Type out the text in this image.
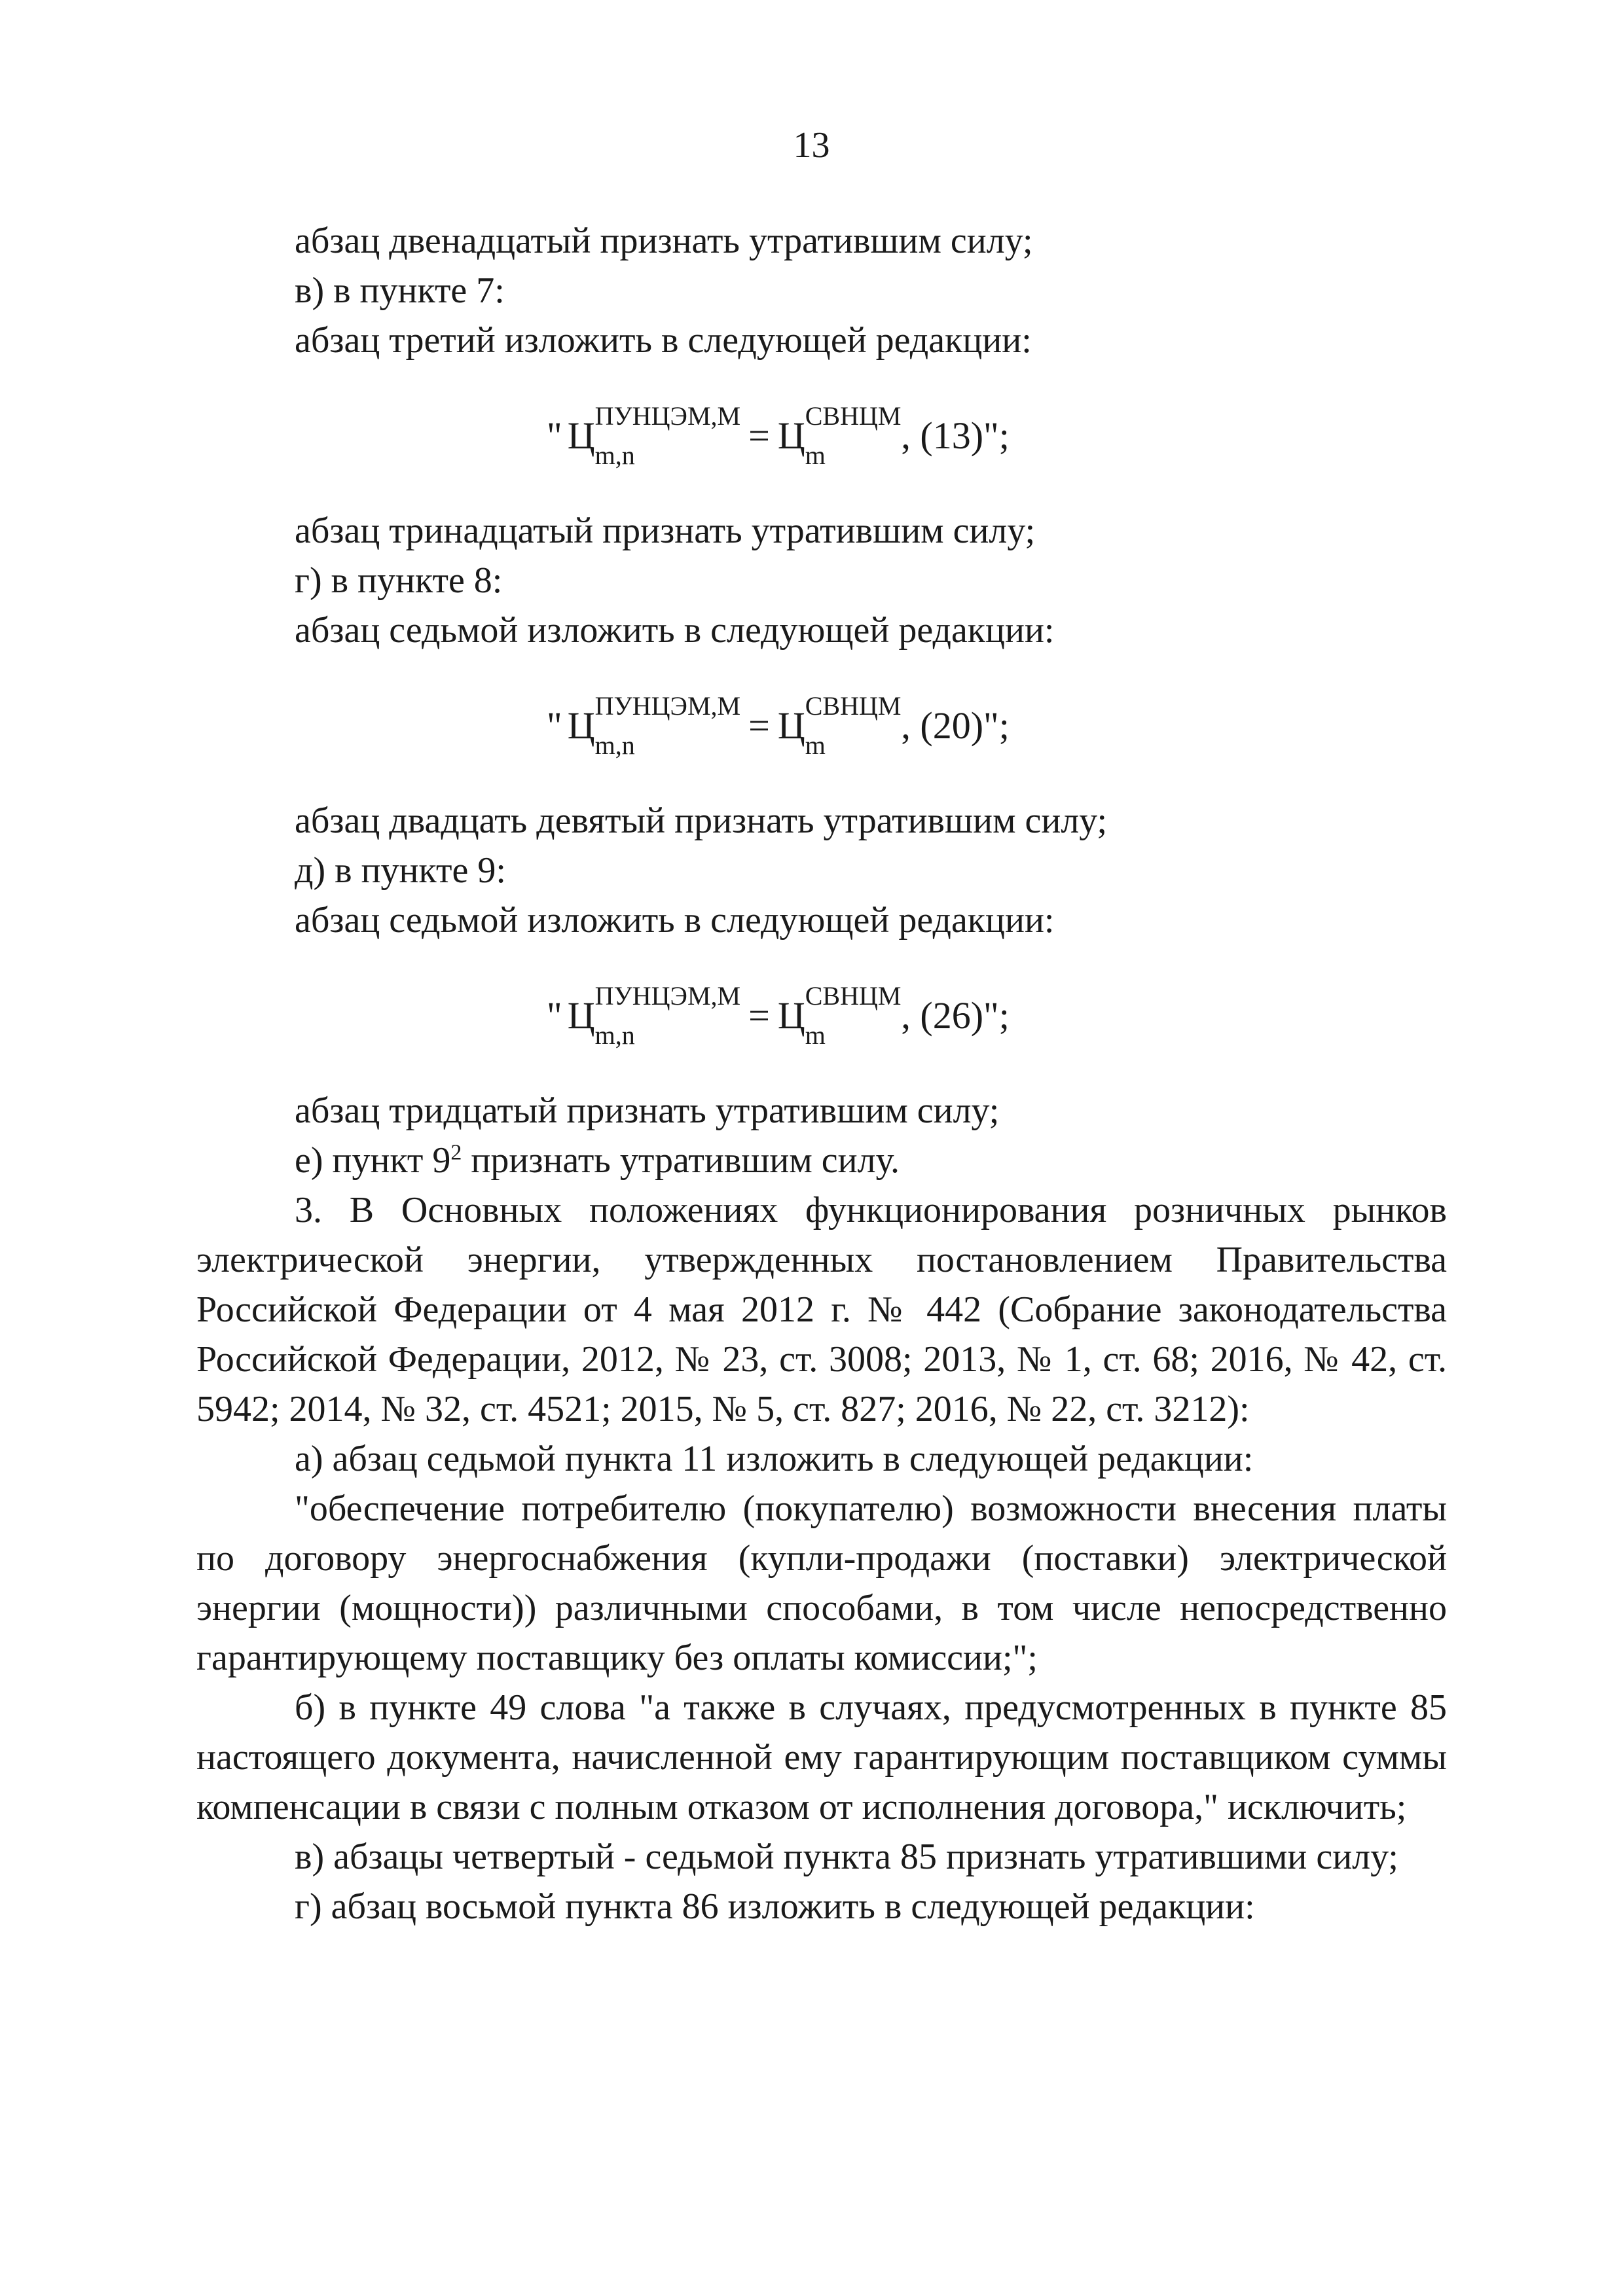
13
абзац двенадцатый признать утратившим силу;
в) в пункте 7:
абзац третий изложить в следующей редакции:
" Ц ПУНЦЭМ,М
m,n	= Ц СВНЦМ
m	, (13)";
абзац тринадцатый признать утратившим силу;
г) в пункте 8:
абзац седьмой изложить в следующей редакции:
" Ц ПУНЦЭМ,М
m,n	= Ц СВНЦМ
m	, (20)";
абзац двадцать девятый признать утратившим силу;
д) в пункте 9:
абзац седьмой изложить в следующей редакции:
" Ц ПУНЦЭМ,М
m,n	= Ц СВНЦМ
m	, (26)";
абзац тридцатый признать утратившим силу;
е) пункт $9^2$ признать утратившим силу.
3. В Основных положениях функционирования розничных рынков электрической энергии, утвержденных постановлением Правительства Российской Федерации от 4 мая 2012 г. № 442 (Собрание законодательства Российской Федерации, 2012, № 23, ст. 3008; 2013, № 1, ст. 68; 2016, № 42, ст. 5942; 2014, № 32, ст. 4521; 2015, № 5, ст. 827; 2016, № 22, ст. 3212):
а) абзац седьмой пункта 11 изложить в следующей редакции:
"обеспечение потребителю (покупателю) возможности внесения платы по договору энергоснабжения (купли-продажи (поставки) электрической энергии (мощности)) различными способами, в том числе непосредственно гарантирующему поставщику без оплаты комиссии;";
б) в пункте 49 слова "а также в случаях, предусмотренных в пункте 85 настоящего документа, начисленной ему гарантирующим поставщиком суммы компенсации в связи с полным отказом от исполнения договора," исключить;
в) абзацы четвертый - седьмой пункта 85 признать утратившими силу;
г) абзац восьмой пункта 86 изложить в следующей редакции:
